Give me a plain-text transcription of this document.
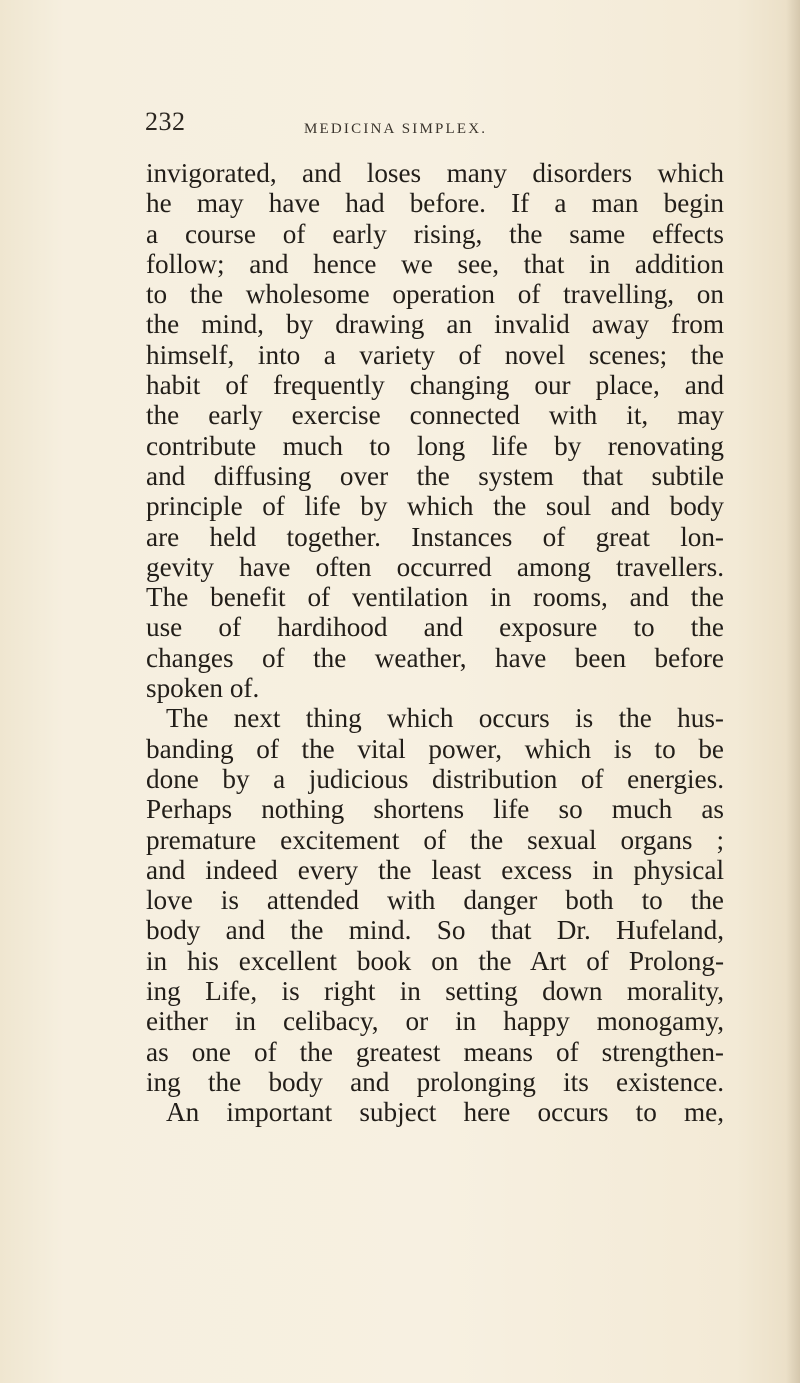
232	MEDICINA SIMPLEX.
invigorated, and loses many disorders which
he may have had before. If a man begin
a course of early rising, the same effects
follow; and hence we see, that in addition
to the wholesome operation of travelling, on
the mind, by drawing an invalid away from
himself, into a variety of novel scenes; the
habit of frequently changing our place, and
the early exercise connected with it, may
contribute much to long life by renovating
and diffusing over the system that subtile
principle of life by which the soul and body
are held together. Instances of great lon-
gevity have often occurred among travellers.
The benefit of ventilation in rooms, and the
use of hardihood and exposure to the
changes of the weather, have been before
spoken of.
The next thing which occurs is the hus-
banding of the vital power, which is to be
done by a judicious distribution of energies.
Perhaps nothing shortens life so much as
premature excitement of the sexual organs ;
and indeed every the least excess in physical
love is attended with danger both to the
body and the mind. So that Dr. Hufeland,
in his excellent book on the Art of Prolong-
ing Life, is right in setting down morality,
either in celibacy, or in happy monogamy,
as one of the greatest means of strengthen-
ing the body and prolonging its existence.
An important subject here occurs to me,
